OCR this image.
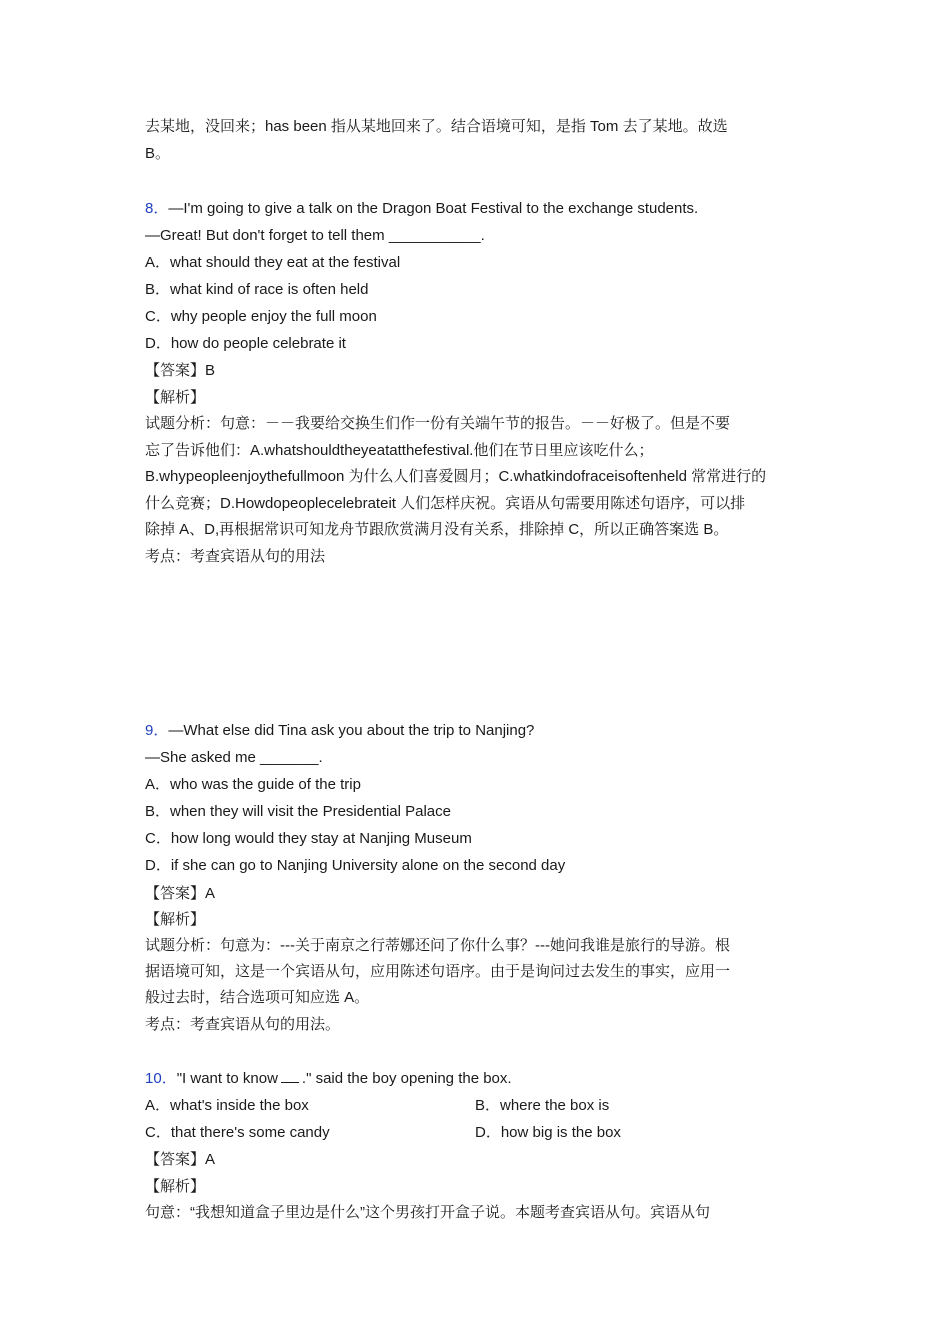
去某地，没回来；has been 指从某地回来了。结合语境可知，是指 Tom 去了某地。故选
B。
8．—I'm going to give a talk on the Dragon Boat Festival to the exchange students.
—Great! But don't forget to tell them ___________.
A．what should they eat at the festival
B．what kind of race is often held
C．why people enjoy the full moon
D．how do people celebrate it
【答案】B
【解析】
试题分析：句意：－－我要给交换生们作一份有关端午节的报告。－－好极了。但是不要
忘了告诉他们：A.whatshouldtheyeatatthefestival.他们在节日里应该吃什么；
B.whypeopleenjoythefullmoon 为什么人们喜爱圆月；C.whatkindofraceisoftenheld 常常进行的
什么竞赛；D.Howdopeoplecelebrateit 人们怎样庆祝。宾语从句需要用陈述句语序，可以排
除掉 A、D,再根据常识可知龙舟节跟欣赏满月没有关系，排除掉 C，所以正确答案选 B。
考点：考查宾语从句的用法
9．—What else did Tina ask you about the trip to Nanjing?
—She asked me _______.
A．who was the guide of the trip
B．when they will visit the Presidential Palace
C．how long would they stay at Nanjing Museum
D．if she can go to Nanjing University alone on the second day
【答案】A
【解析】
试题分析：句意为：---关于南京之行蒂娜还问了你什么事？---她问我谁是旅行的导游。根
据语境可知，这是一个宾语从句，应用陈述句语序。由于是询问过去发生的事实，应用一
般过去时，结合选项可知应选 A。
考点：考查宾语从句的用法。
10．"I want to know ." said the boy opening the box.
A．what's inside the box	B．where the box is
C．that there's some candy	D．how big is the box
【答案】A
【解析】
句意：“我想知道盒子里边是什么”这个男孩打开盒子说。本题考查宾语从句。宾语从句
